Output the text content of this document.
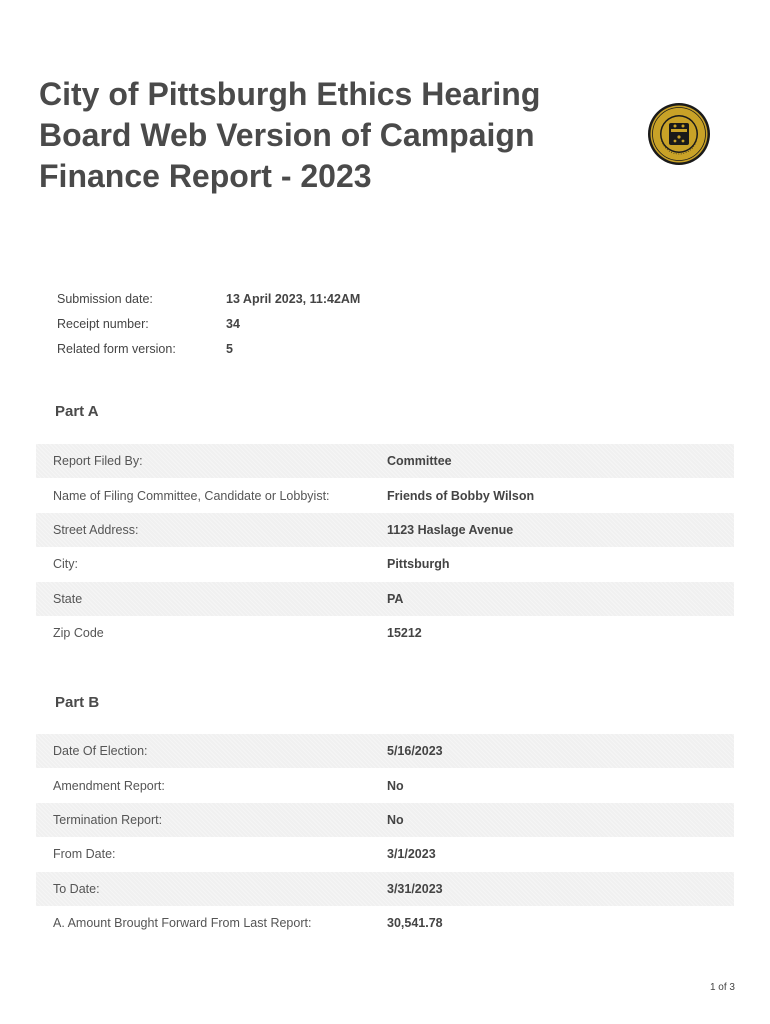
City of Pittsburgh Ethics Hearing Board Web Version of Campaign Finance Report - 2023
Submission date:	13 April 2023, 11:42AM
Receipt number:	34
Related form version:	5
Part A
Report Filed By:	Committee
Name of Filing Committee, Candidate or Lobbyist:	Friends of Bobby Wilson
Street Address:	1123 Haslage Avenue
City:	Pittsburgh
State	PA
Zip Code	15212
Part B
Date Of Election:	5/16/2023
Amendment Report:	No
Termination Report:	No
From Date:	3/1/2023
To Date:	3/31/2023
A. Amount Brought Forward From Last Report:	30,541.78
1 of 3
